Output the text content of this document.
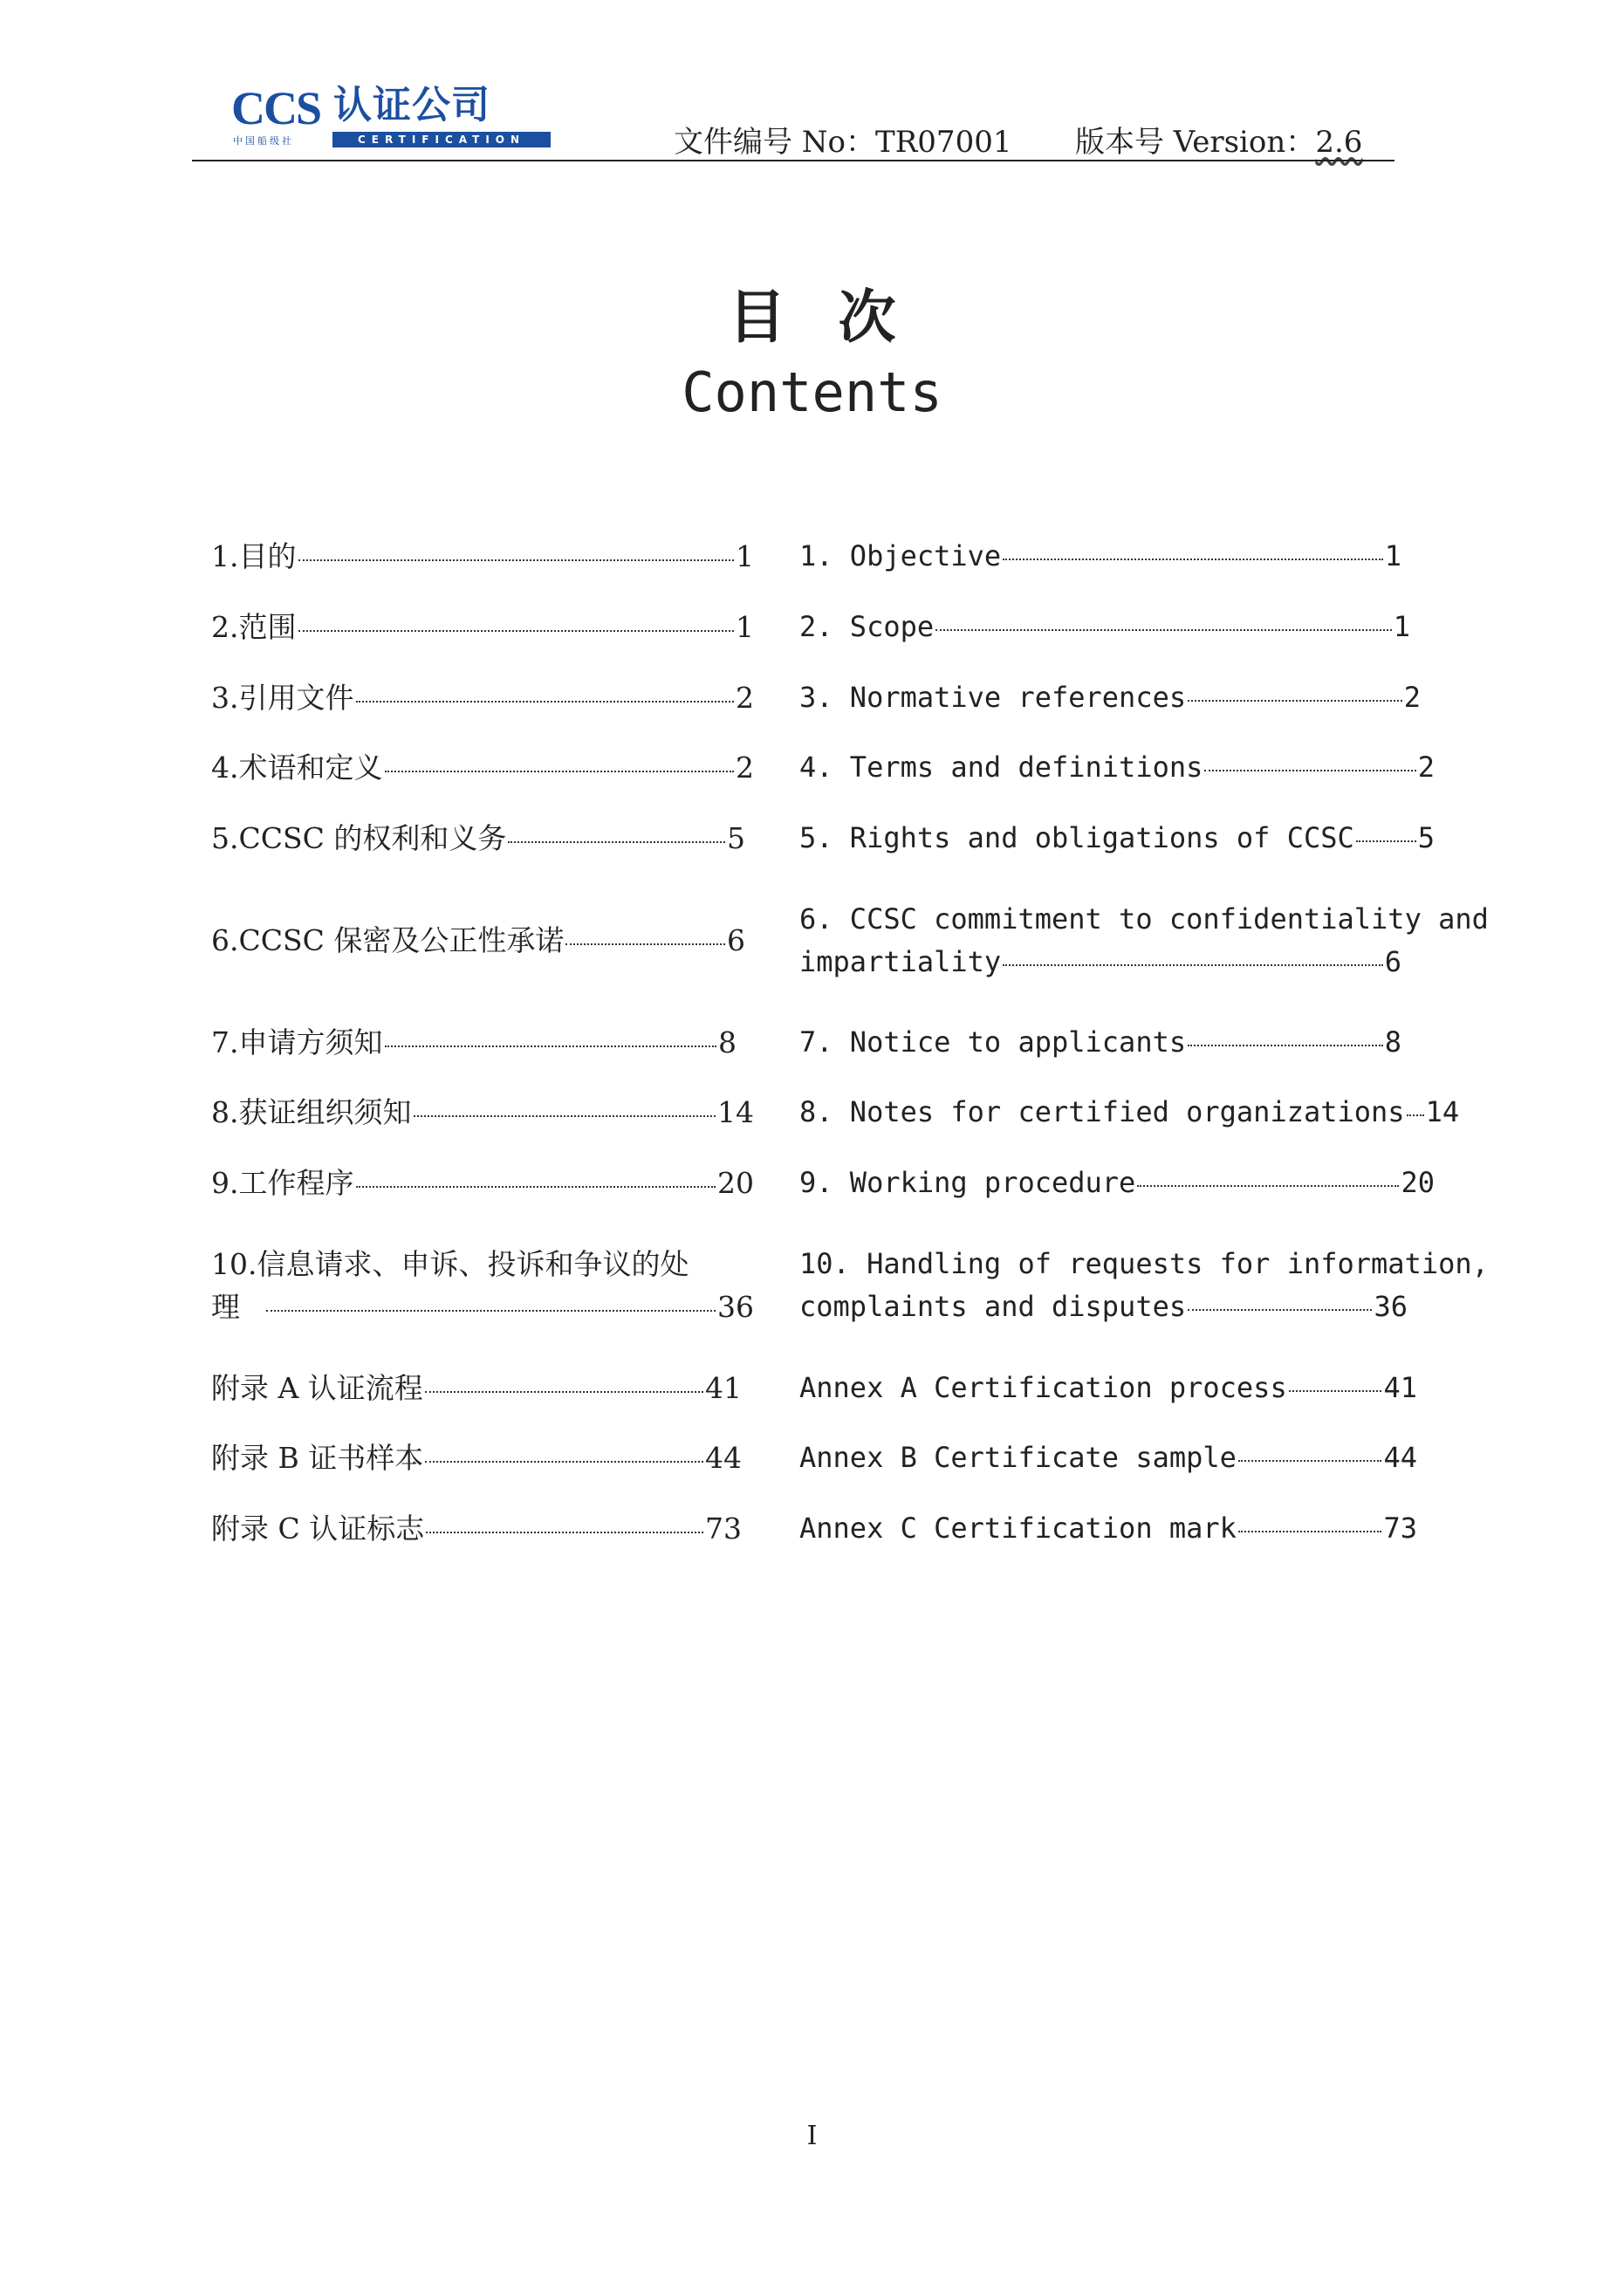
CCS 认证公司
中国船级社	CERTIFICATION	文件编号 No：TR07001 版本号 Version：2.6
目次
Contents
1.目的	1
2.范围	1
3.引用文件	2
4.术语和定义	2
5.CCSC 的权利和义务	5
6.CCSC 保密及公正性承诺	6
7.申请方须知	8
8.获证组织须知	14
9.工作程序	20
10.信息请求、申诉、投诉和争议的处
理	36
附录 A 认证流程	41
附录 B 证书样本	44
附录 C 认证标志	73
1. Objective	1
2. Scope	1
3. Normative references	2
4. Terms and definitions	2
5. Rights and obligations of CCSC 5
6. CCSC commitment to confidentiality and
impartiality	6
7. Notice to applicants	8
8. Notes for certified organizations 14
9. Working procedure	20
10. Handling of requests for information,
complaints and disputes	36
Annex A Certification process	41
Annex B Certificate sample	44
Annex C Certification mark	73
I
